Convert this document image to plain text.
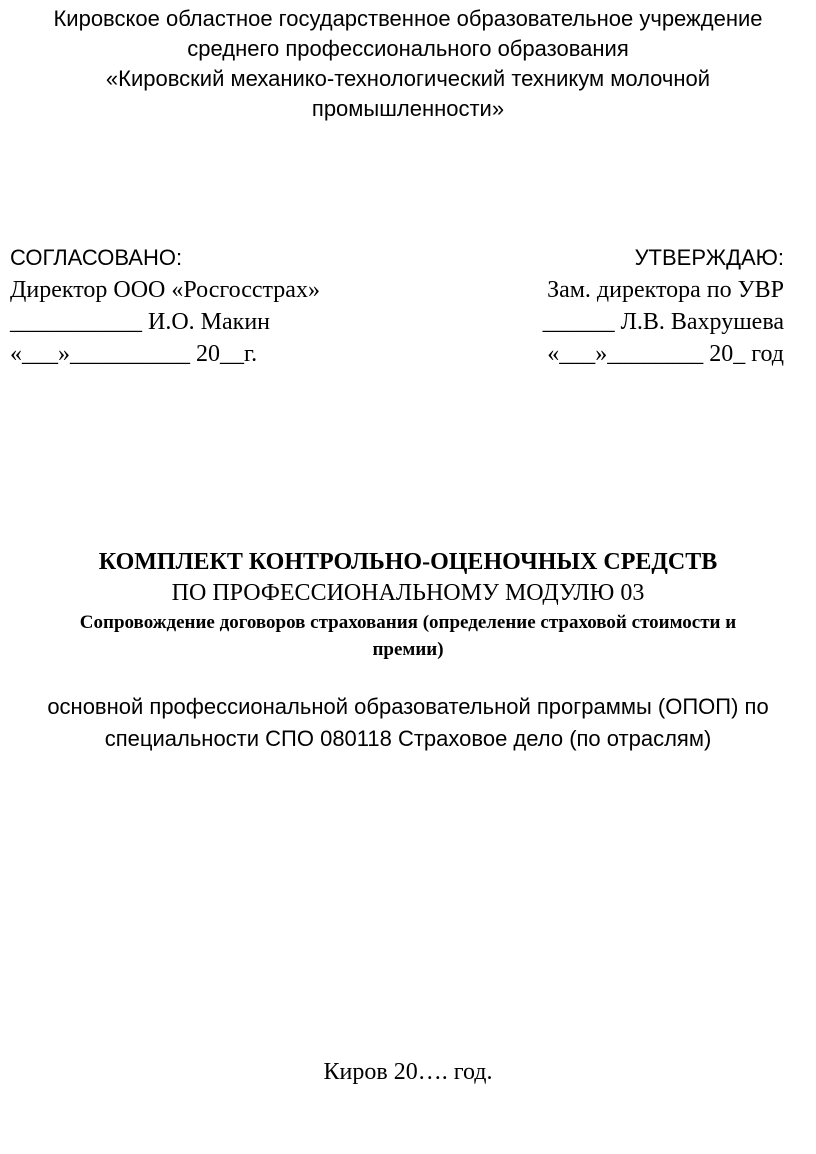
Кировское областное государственное образовательное учреждение
среднего профессионального образования
«Кировский механико-технологический техникум молочной
промышленности»
СОГЛАСОВАНО:
Директор ООО «Росгосстрах»
___________ И.О. Макин
«___»__________ 20__г.
УТВЕРЖДАЮ:
Зам. директора по УВР
______ Л.В. Вахрушева
«___»________ 20_ год
КОМПЛЕКТ КОНТРОЛЬНО-ОЦЕНОЧНЫХ СРЕДСТВ
ПО ПРОФЕССИОНАЛЬНОМУ МОДУЛЮ 03
Сопровождение договоров страхования (определение страховой стоимости и
премии)
основной профессиональной образовательной программы (ОПОП) по
специальности СПО 080118 Страховое дело (по отраслям)
Киров 20…. год.
